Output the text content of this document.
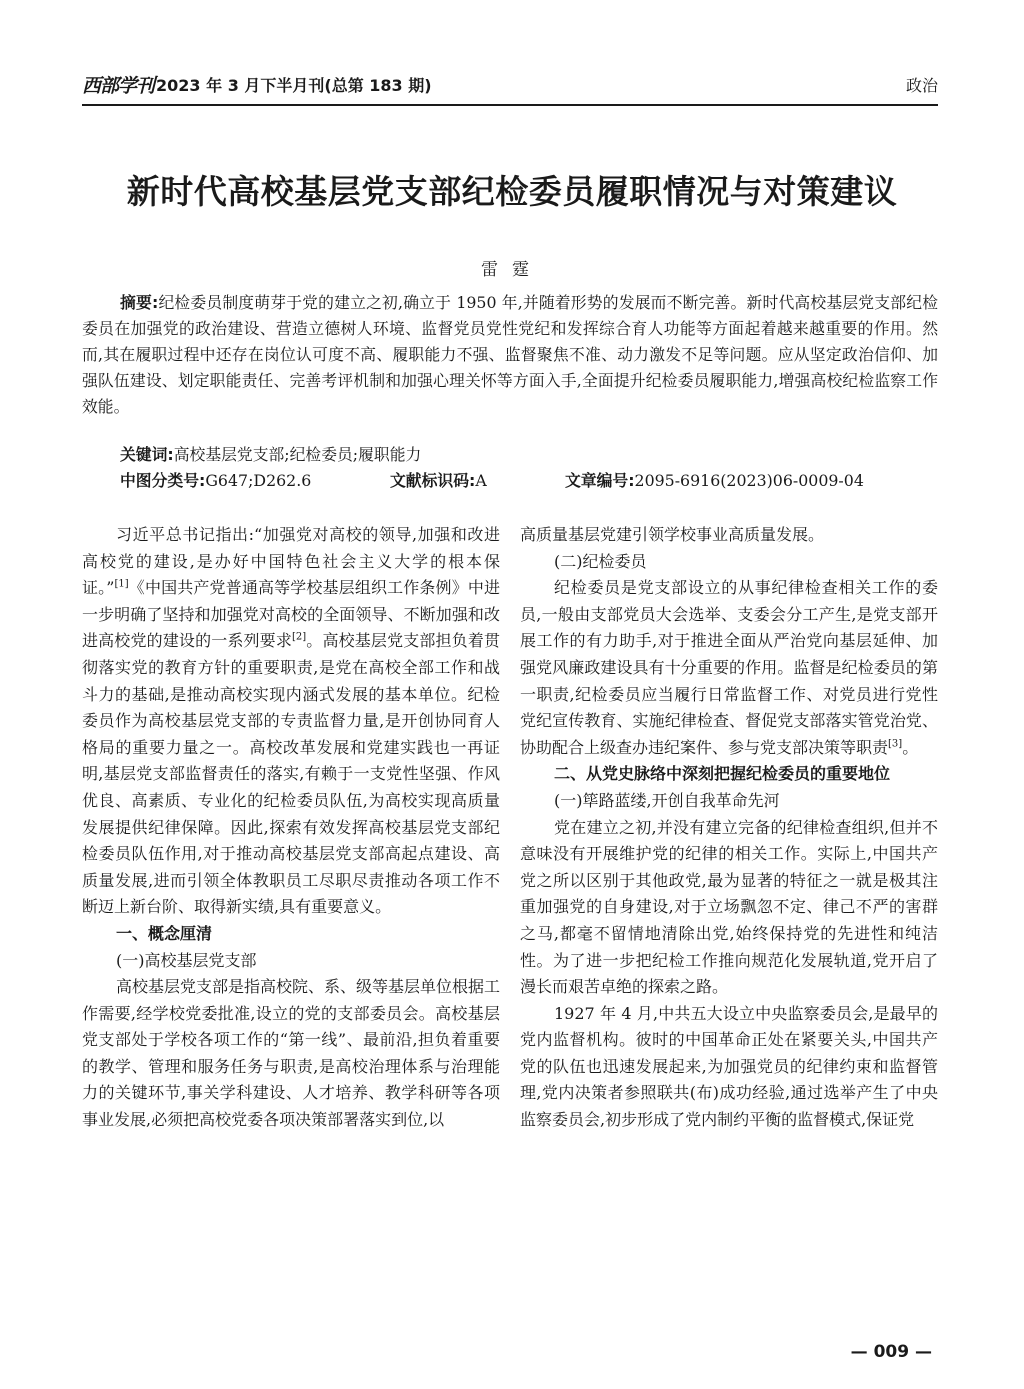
西部学刊 2023 年 3 月下半月刊(总第 183 期)	政治
新时代高校基层党支部纪检委员履职情况与对策建议
雷霆
摘要:纪检委员制度萌芽于党的建立之初,确立于 1950 年,并随着形势的发展而不断完善。新时代高校基层党支部纪检委员在加强党的政治建设、营造立德树人环境、监督党员党性党纪和发挥综合育人功能等方面起着越来越重要的作用。然而,其在履职过程中还存在岗位认可度不高、履职能力不强、监督聚焦不准、动力激发不足等问题。应从坚定政治信仰、加强队伍建设、划定职能责任、完善考评机制和加强心理关怀等方面入手,全面提升纪检委员履职能力,增强高校纪检监察工作效能。
关键词:高校基层党支部;纪检委员;履职能力
中图分类号:G647;D262.6	文献标识码:A	文章编号:2095-6916(2023)06-0009-04

习近平总书记指出:“加强党对高校的领导,加强和改进高校党的建设,是办好中国特色社会主义大学的根本保证。”[1]《中国共产党普通高等学校基层组织工作条例》中进一步明确了坚持和加强党对高校的全面领导、不断加强和改进高校党的建设的一系列要求[2]。高校基层党支部担负着贯彻落实党的教育方针的重要职责,是党在高校全部工作和战斗力的基础,是推动高校实现内涵式发展的基本单位。纪检委员作为高校基层党支部的专责监督力量,是开创协同育人格局的重要力量之一。高校改革发展和党建实践也一再证明,基层党支部监督责任的落实,有赖于一支党性坚强、作风优良、高素质、专业化的纪检委员队伍,为高校实现高质量发展提供纪律保障。因此,探索有效发挥高校基层党支部纪检委员队伍作用,对于推动高校基层党支部高起点建设、高质量发展,进而引领全体教职员工尽职尽责推动各项工作不断迈上新台阶、取得新实绩,具有重要意义。

一、概念厘清

(一)高校基层党支部

高校基层党支部是指高校院、系、级等基层单位根据工作需要,经学校党委批准,设立的党的支部委员会。高校基层党支部处于学校各项工作的“第一线”、最前沿,担负着重要的教学、管理和服务任务与职责,是高校治理体系与治理能力的关键环节,事关学科建设、人才培养、教学科研等各项事业发展,必须把高校党委各项决策部署落实到位,以

高质量基层党建引领学校事业高质量发展。

(二)纪检委员

纪检委员是党支部设立的从事纪律检查相关工作的委员,一般由支部党员大会选举、支委会分工产生,是党支部开展工作的有力助手,对于推进全面从严治党向基层延伸、加强党风廉政建设具有十分重要的作用。监督是纪检委员的第一职责,纪检委员应当履行日常监督工作、对党员进行党性党纪宣传教育、实施纪律检查、督促党支部落实管党治党、协助配合上级查办违纪案件、参与党支部决策等职责[3]。

二、从党史脉络中深刻把握纪检委员的重要地位

(一)筚路蓝缕,开创自我革命先河

党在建立之初,并没有建立完备的纪律检查组织,但并不意味没有开展维护党的纪律的相关工作。实际上,中国共产党之所以区别于其他政党,最为显著的特征之一就是极其注重加强党的自身建设,对于立场飘忽不定、律己不严的害群之马,都毫不留情地清除出党,始终保持党的先进性和纯洁性。为了进一步把纪检工作推向规范化发展轨道,党开启了漫长而艰苦卓绝的探索之路。

1927 年 4 月,中共五大设立中央监察委员会,是最早的党内监督机构。彼时的中国革命正处在紧要关头,中国共产党的队伍也迅速发展起来,为加强党员的纪律约束和监督管理,党内决策者参照联共(布)成功经验,通过选举产生了中央监察委员会,初步形成了党内制约平衡的监督模式,保证党

— 009 —
